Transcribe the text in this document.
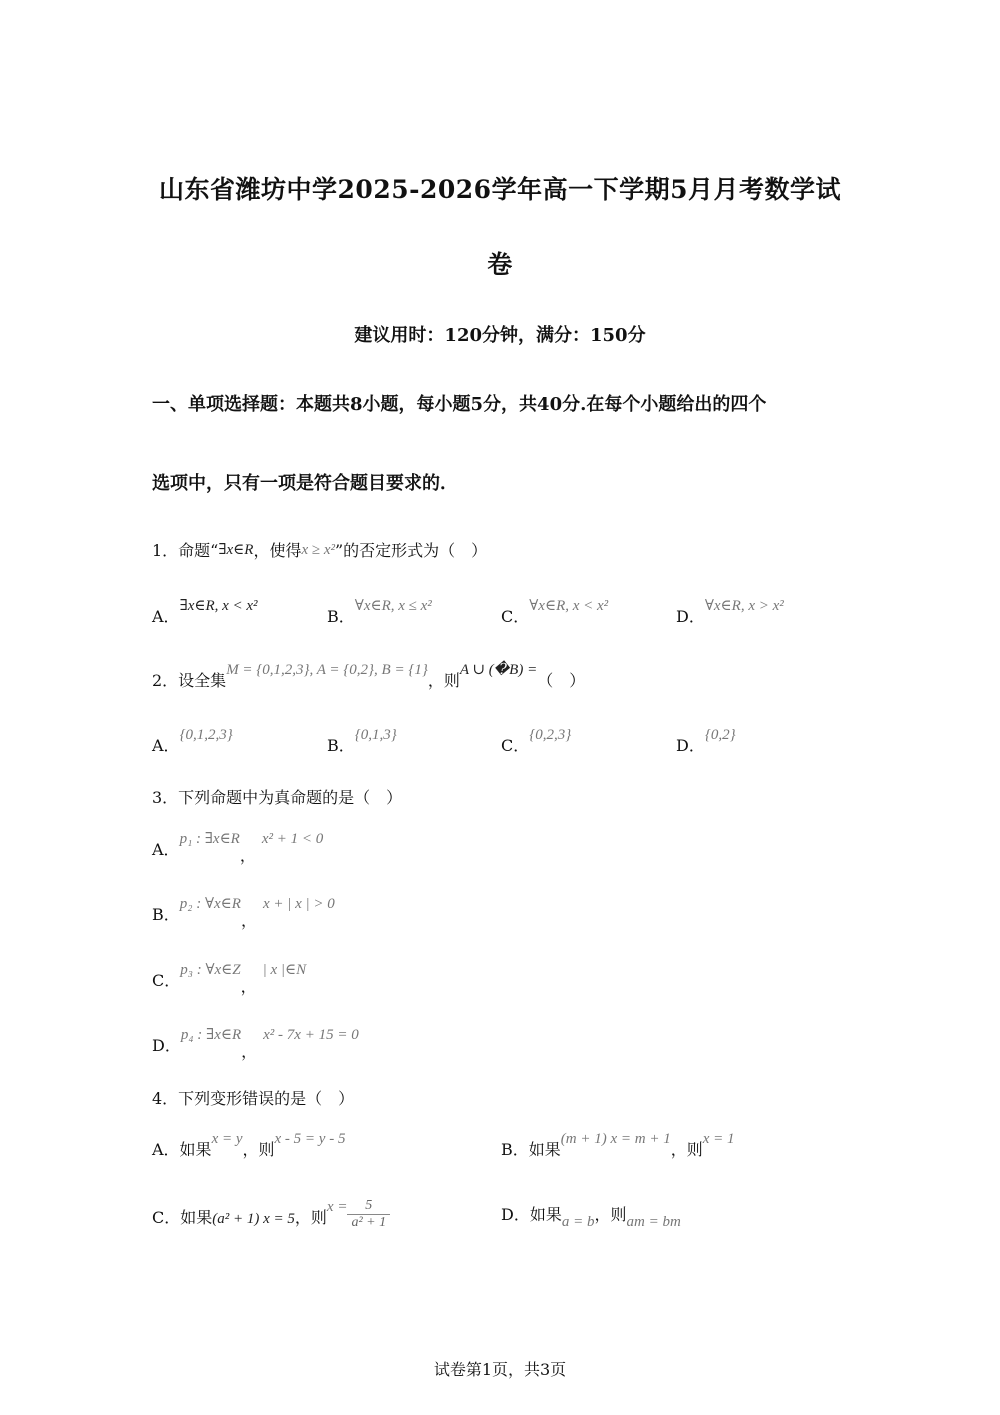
山东省潍坊中学2025-2026学年高一下学期5月月考数学试
卷
建议用时：120分钟，满分：150分
一、单项选择题：本题共8小题，每小题5分，共40分.在每个小题给出的四个
选项中，只有一项是符合题目要求的．
1．命题“∃x∈R，使得x ≥ x²”的否定形式为（　）
A．∃x∈R, x < x²
B．∀x∈R, x ≤ x²
C．∀x∈R, x < x²
D．∀x∈R, x > x²
2．设全集M = {0,1,2,3}, A = {0,2}, B = {1}，则A ∪ (�B) =（　）
A．{0,1,2,3}
B．{0,1,3}
C．{0,2,3}
D．{0,2}
3．下列命题中为真命题的是（　）
A．p₁ : ∃x∈R，x² + 1 < 0
B．p₂ : ∀x∈R，x + | x | > 0
C．p₃ : ∀x∈Z，| x |∈N
D．p₄ : ∃x∈R，x² - 7x + 15 = 0
4．下列变形错误的是（　）
A．如果x = y，则x - 5 = y - 5
B．如果(m + 1) x = m + 1，则x = 1
C．如果(a² + 1) x = 5，则$x = \frac{5}{\text{a² + 1}}$	D．如果a = b，则am = bm
试卷第1页，共3页
